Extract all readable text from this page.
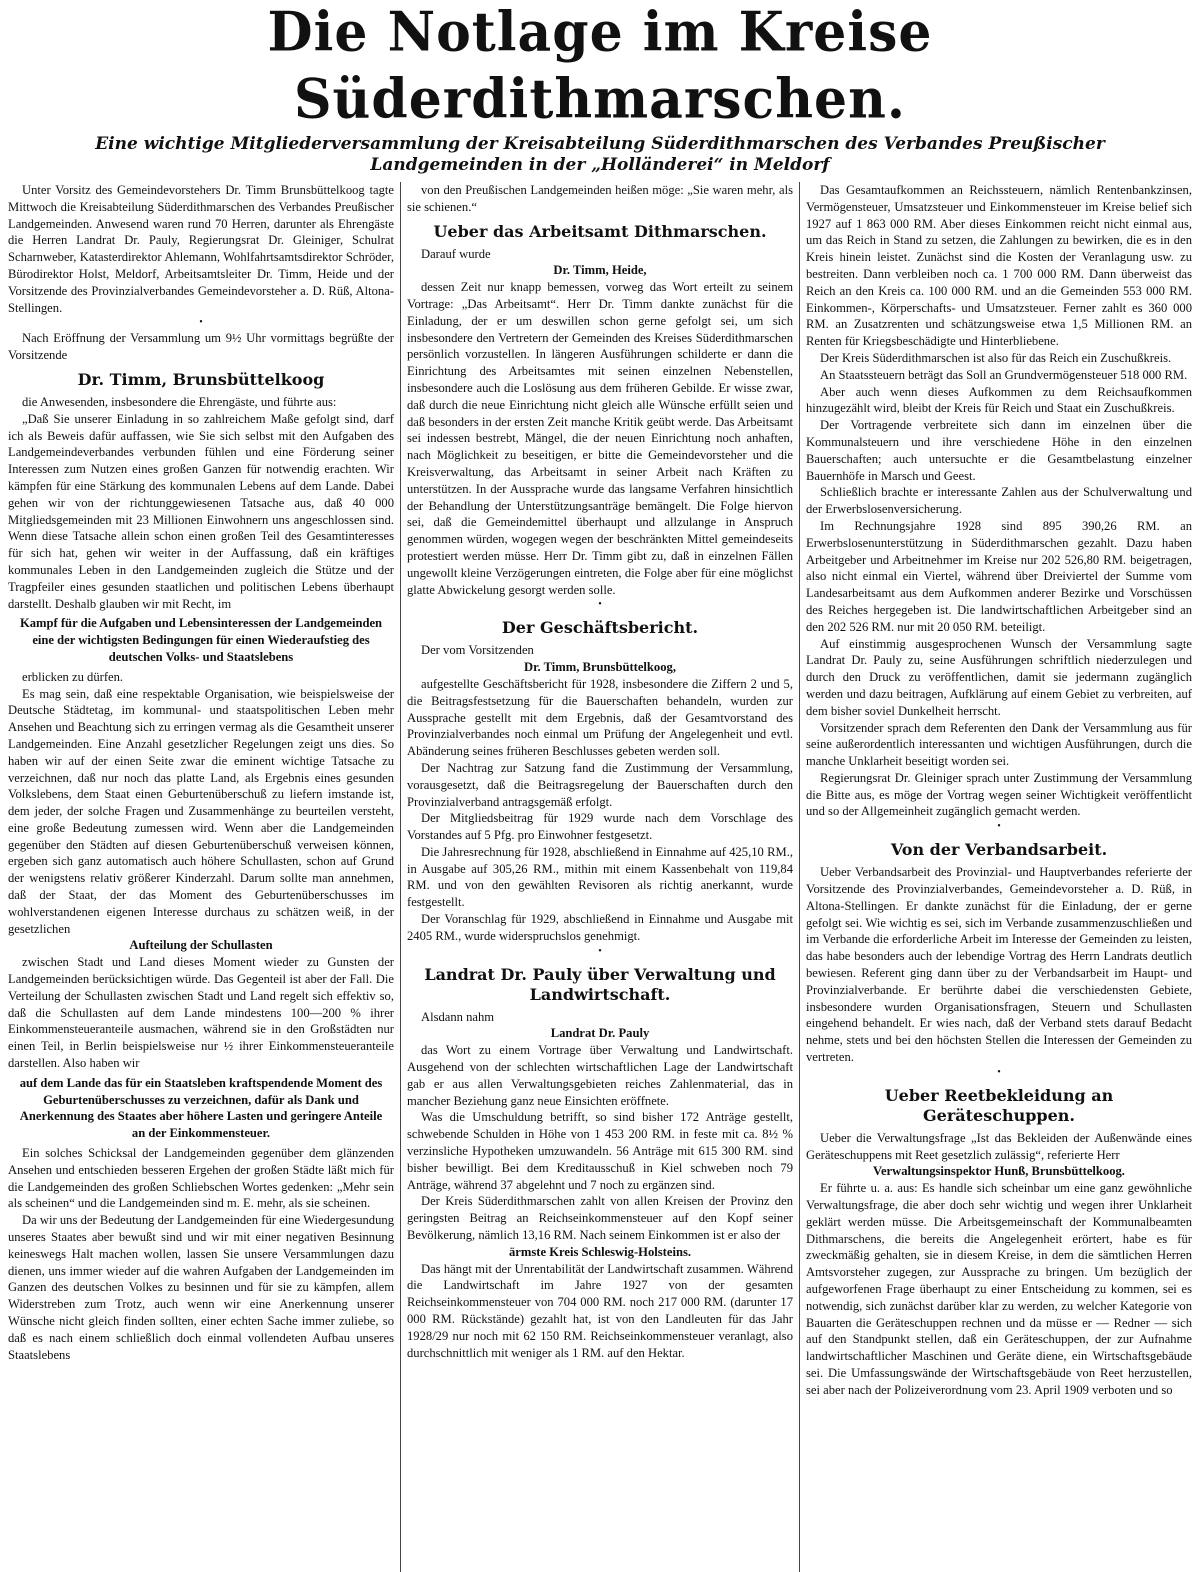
Die Notlage im Kreise Süderdithmarschen.
Eine wichtige Mitgliederversammlung der Kreisabteilung Süderdithmarschen des Verbandes Preußischer Landgemeinden in der „Holländerei“ in Meldorf

Unter Vorsitz des Gemeindevorstehers Dr. Timm Brunsbüttelkoog tagte Mittwoch die Kreisabteilung Süderdithmarschen des Verbandes Preußischer Landgemeinden. Anwesend waren rund 70 Herren, darunter als Ehrengäste die Herren Landrat Dr. Pauly, Regierungsrat Dr. Gleiniger, Schulrat Scharnweber, Katasterdirektor Ahlemann, Wohlfahrtsamtsdirektor Schröder, Bürodirektor Holst, Meldorf, Arbeitsamtsleiter Dr. Timm, Heide und der Vorsitzende des Provinzialverbandes Gemeindevorsteher a. D. Rüß, Altona-Stellingen.

•

Nach Eröffnung der Versammlung um 9½ Uhr vormittags begrüßte der Vorsitzende

Dr. Timm, Brunsbüttelkoog

die Anwesenden, insbesondere die Ehrengäste, und führte aus:

„Daß Sie unserer Einladung in so zahlreichem Maße gefolgt sind, darf ich als Beweis dafür auffassen, wie Sie sich selbst mit den Aufgaben des Landgemeindeverbandes verbunden fühlen und eine Förderung seiner Interessen zum Nutzen eines großen Ganzen für notwendig erachten. Wir kämpfen für eine Stärkung des kommunalen Lebens auf dem Lande. Dabei gehen wir von der richtunggewiesenen Tatsache aus, daß 40 000 Mitgliedsgemeinden mit 23 Millionen Einwohnern uns angeschlossen sind. Wenn diese Tatsache allein schon einen großen Teil des Gesamtinteresses für sich hat, gehen wir weiter in der Auffassung, daß ein kräftiges kommunales Leben in den Landgemeinden zugleich die Stütze und der Tragpfeiler eines gesunden staatlichen und politischen Lebens überhaupt darstellt. Deshalb glauben wir mit Recht, im

Kampf für die Aufgaben und Lebensinteressen der Landgemeinden eine der wichtigsten Bedingungen für einen Wiederaufstieg des deutschen Volks- und Staatslebens

erblicken zu dürfen.

Es mag sein, daß eine respektable Organisation, wie beispielsweise der Deutsche Städtetag, im kommunal- und staatspolitischen Leben mehr Ansehen und Beachtung sich zu erringen vermag als die Gesamtheit unserer Landgemeinden. Eine Anzahl gesetzlicher Regelungen zeigt uns dies. So haben wir auf der einen Seite zwar die eminent wichtige Tatsache zu verzeichnen, daß nur noch das platte Land, als Ergebnis eines gesunden Volkslebens, dem Staat einen Geburtenüberschuß zu liefern imstande ist, dem jeder, der solche Fragen und Zusammenhänge zu beurteilen versteht, eine große Bedeutung zumessen wird. Wenn aber die Landgemeinden gegenüber den Städten auf diesen Geburtenüberschuß verweisen können, ergeben sich ganz automatisch auch höhere Schullasten, schon auf Grund der wenigstens relativ größerer Kinderzahl. Darum sollte man annehmen, daß der Staat, der das Moment des Geburtenüberschusses im wohlverstandenen eigenen Interesse durchaus zu schätzen weiß, in der gesetzlichen

Aufteilung der Schullasten

zwischen Stadt und Land dieses Moment wieder zu Gunsten der Landgemeinden berücksichtigen würde. Das Gegenteil ist aber der Fall. Die Verteilung der Schullasten zwischen Stadt und Land regelt sich effektiv so, daß die Schullasten auf dem Lande mindestens 100—200 % ihrer Einkommensteueranteile ausmachen, während sie in den Großstädten nur einen Teil, in Berlin beispielsweise nur ½ ihrer Einkommensteueranteile darstellen. Also haben wir

auf dem Lande das für ein Staatsleben kraftspendende Moment des Geburtenüberschusses zu verzeichnen, dafür als Dank und Anerkennung des Staates aber höhere Lasten und geringere Anteile an der Einkommensteuer.

Ein solches Schicksal der Landgemeinden gegenüber dem glänzenden Ansehen und entschieden besseren Ergehen der großen Städte läßt mich für die Landgemeinden des großen Schliebschen Wortes gedenken: „Mehr sein als scheinen“ und die Landgemeinden sind m. E. mehr, als sie scheinen.

Da wir uns der Bedeutung der Landgemeinden für eine Wiedergesundung unseres Staates aber bewußt sind und wir mit einer negativen Besinnung keineswegs Halt machen wollen, lassen Sie unsere Versammlungen dazu dienen, uns immer wieder auf die wahren Aufgaben der Landgemeinden im Ganzen des deutschen Volkes zu besinnen und für sie zu kämpfen, allem Widerstreben zum Trotz, auch wenn wir eine Anerkennung unserer Wünsche nicht gleich finden sollten, einer echten Sache immer zuliebe, so daß es nach einem schließlich doch einmal vollendeten Aufbau unseres Staatslebens

von den Preußischen Landgemeinden heißen möge: „Sie waren mehr, als sie schienen.“

Ueber das Arbeitsamt Dithmarschen.

Darauf wurde

Dr. Timm, Heide,

dessen Zeit nur knapp bemessen, vorweg das Wort erteilt zu seinem Vortrage: „Das Arbeitsamt“. Herr Dr. Timm dankte zunächst für die Einladung, der er um deswillen schon gerne gefolgt sei, um sich insbesondere den Vertretern der Gemeinden des Kreises Süderdithmarschen persönlich vorzustellen. In längeren Ausführungen schilderte er dann die Einrichtung des Arbeitsamtes mit seinen einzelnen Nebenstellen, insbesondere auch die Loslösung aus dem früheren Gebilde. Er wisse zwar, daß durch die neue Einrichtung nicht gleich alle Wünsche erfüllt seien und daß besonders in der ersten Zeit manche Kritik geübt werde. Das Arbeitsamt sei indessen bestrebt, Mängel, die der neuen Einrichtung noch anhaften, nach Möglichkeit zu beseitigen, er bitte die Gemeindevorsteher und die Kreisverwaltung, das Arbeitsamt in seiner Arbeit nach Kräften zu unterstützen. In der Aussprache wurde das langsame Verfahren hinsichtlich der Behandlung der Unterstützungsanträge bemängelt. Die Folge hiervon sei, daß die Gemeindemittel überhaupt und allzulange in Anspruch genommen würden, wogegen wegen der beschränkten Mittel gemeindeseits protestiert werden müsse. Herr Dr. Timm gibt zu, daß in einzelnen Fällen ungewollt kleine Verzögerungen eintreten, die Folge aber für eine möglichst glatte Abwickelung gesorgt werden solle.

•

Der Geschäftsbericht.

Der vom Vorsitzenden

Dr. Timm, Brunsbüttelkoog,

aufgestellte Geschäftsbericht für 1928, insbesondere die Ziffern 2 und 5, die Beitragsfestsetzung für die Bauerschaften behandeln, wurden zur Aussprache gestellt mit dem Ergebnis, daß der Gesamtvorstand des Provinzialverbandes noch einmal um Prüfung der Angelegenheit und evtl. Abänderung seines früheren Beschlusses gebeten werden soll.

Der Nachtrag zur Satzung fand die Zustimmung der Versammlung, vorausgesetzt, daß die Beitragsregelung der Bauerschaften durch den Provinzialverband antragsgemäß erfolgt.

Der Mitgliedsbeitrag für 1929 wurde nach dem Vorschlage des Vorstandes auf 5 Pfg. pro Einwohner festgesetzt.

Die Jahresrechnung für 1928, abschließend in Einnahme auf 425,10 RM., in Ausgabe auf 305,26 RM., mithin mit einem Kassenbehalt von 119,84 RM. und von den gewählten Revisoren als richtig anerkannt, wurde festgestellt.

Der Voranschlag für 1929, abschließend in Einnahme und Ausgabe mit 2405 RM., wurde widerspruchslos genehmigt.

•

Landrat Dr. Pauly über Verwaltung und Landwirtschaft.

Alsdann nahm

Landrat Dr. Pauly

das Wort zu einem Vortrage über Verwaltung und Landwirtschaft. Ausgehend von der schlechten wirtschaftlichen Lage der Landwirtschaft gab er aus allen Verwaltungsgebieten reiches Zahlenmaterial, das in mancher Beziehung ganz neue Einsichten eröffnete.

Was die Umschuldung betrifft, so sind bisher 172 Anträge gestellt, schwebende Schulden in Höhe von 1 453 200 RM. in feste mit ca. 8½ % verzinsliche Hypotheken umzuwandeln. 56 Anträge mit 615 300 RM. sind bisher bewilligt. Bei dem Kreditausschuß in Kiel schweben noch 79 Anträge, während 37 abgelehnt und 7 noch zu ergänzen sind.

Der Kreis Süderdithmarschen zahlt von allen Kreisen der Provinz den geringsten Beitrag an Reichseinkommensteuer auf den Kopf seiner Bevölkerung, nämlich 13,16 RM. Nach seinem Einkommen ist er also der

ärmste Kreis Schleswig-Holsteins.

Das hängt mit der Unrentabilität der Landwirtschaft zusammen. Während die Landwirtschaft im Jahre 1927 von der gesamten Reichseinkommensteuer von 704 000 RM. noch 217 000 RM. (darunter 17 000 RM. Rückstände) gezahlt hat, ist von den Landleuten für das Jahr 1928/29 nur noch mit 62 150 RM. Reichseinkommensteuer veranlagt, also durchschnittlich mit weniger als 1 RM. auf den Hektar.

Das Gesamtaufkommen an Reichssteuern, nämlich Rentenbankzinsen, Vermögensteuer, Umsatzsteuer und Einkommensteuer im Kreise belief sich 1927 auf 1 863 000 RM. Aber dieses Einkommen reicht nicht einmal aus, um das Reich in Stand zu setzen, die Zahlungen zu bewirken, die es in den Kreis hinein leistet. Zunächst sind die Kosten der Veranlagung usw. zu bestreiten. Dann verbleiben noch ca. 1 700 000 RM. Dann überweist das Reich an den Kreis ca. 100 000 RM. und an die Gemeinden 553 000 RM. Einkommen-, Körperschafts- und Umsatzsteuer. Ferner zahlt es 360 000 RM. an Zusatzrenten und schätzungsweise etwa 1,5 Millionen RM. an Renten für Kriegsbeschädigte und Hinterbliebene.

Der Kreis Süderdithmarschen ist also für das Reich ein Zuschußkreis.

An Staatssteuern beträgt das Soll an Grundvermögensteuer 518 000 RM.

Aber auch wenn dieses Aufkommen zu dem Reichsaufkommen hinzugezählt wird, bleibt der Kreis für Reich und Staat ein Zuschußkreis.

Der Vortragende verbreitete sich dann im einzelnen über die Kommunalsteuern und ihre verschiedene Höhe in den einzelnen Bauerschaften; auch untersuchte er die Gesamtbelastung einzelner Bauernhöfe in Marsch und Geest.

Schließlich brachte er interessante Zahlen aus der Schulverwaltung und der Erwerbslosenversicherung.

Im Rechnungsjahre 1928 sind 895 390,26 RM. an Erwerbslosenunterstützung in Süderdithmarschen gezahlt. Dazu haben Arbeitgeber und Arbeitnehmer im Kreise nur 202 526,80 RM. beigetragen, also nicht einmal ein Viertel, während über Dreiviertel der Summe vom Landesarbeitsamt aus dem Aufkommen anderer Bezirke und Vorschüssen des Reiches hergegeben ist. Die landwirtschaftlichen Arbeitgeber sind an den 202 526 RM. nur mit 20 050 RM. beteiligt.

Auf einstimmig ausgesprochenen Wunsch der Versammlung sagte Landrat Dr. Pauly zu, seine Ausführungen schriftlich niederzulegen und durch den Druck zu veröffentlichen, damit sie jedermann zugänglich werden und dazu beitragen, Aufklärung auf einem Gebiet zu verbreiten, auf dem bisher soviel Dunkelheit herrscht.

Vorsitzender sprach dem Referenten den Dank der Versammlung aus für seine außerordentlich interessanten und wichtigen Ausführungen, durch die manche Unklarheit beseitigt worden sei.

Regierungsrat Dr. Gleiniger sprach unter Zustimmung der Versammlung die Bitte aus, es möge der Vortrag wegen seiner Wichtigkeit veröffentlicht und so der Allgemeinheit zugänglich gemacht werden.

•

Von der Verbandsarbeit.

Ueber Verbandsarbeit des Provinzial- und Hauptverbandes referierte der Vorsitzende des Provinzialverbandes, Gemeindevorsteher a. D. Rüß, in Altona-Stellingen. Er dankte zunächst für die Einladung, der er gerne gefolgt sei. Wie wichtig es sei, sich im Verbande zusammenzuschließen und im Verbande die erforderliche Arbeit im Interesse der Gemeinden zu leisten, das habe besonders auch der lebendige Vortrag des Herrn Landrats deutlich bewiesen. Referent ging dann über zu der Verbandsarbeit im Haupt- und Provinzialverbande. Er berührte dabei die verschiedensten Gebiete, insbesondere wurden Organisationsfragen, Steuern und Schullasten eingehend behandelt. Er wies nach, daß der Verband stets darauf Bedacht nehme, stets und bei den höchsten Stellen die Interessen der Gemeinden zu vertreten.

•

Ueber Reetbekleidung an Geräteschuppen.

Ueber die Verwaltungsfrage „Ist das Bekleiden der Außenwände eines Geräteschuppens mit Reet gesetzlich zulässig“, referierte Herr

Verwaltungsinspektor Hunß, Brunsbüttelkoog.

Er führte u. a. aus: Es handle sich scheinbar um eine ganz gewöhnliche Verwaltungsfrage, die aber doch sehr wichtig und wegen ihrer Unklarheit geklärt werden müsse. Die Arbeitsgemeinschaft der Kommunalbeamten Dithmarschens, die bereits die Angelegenheit erörtert, habe es für zweckmäßig gehalten, sie in diesem Kreise, in dem die sämtlichen Herren Amtsvorsteher zugegen, zur Aussprache zu bringen. Um bezüglich der aufgeworfenen Frage überhaupt zu einer Entscheidung zu kommen, sei es notwendig, sich zunächst darüber klar zu werden, zu welcher Kategorie von Bauarten die Geräteschuppen rechnen und da müsse er — Redner — sich auf den Standpunkt stellen, daß ein Geräteschuppen, der zur Aufnahme landwirtschaftlicher Maschinen und Geräte diene, ein Wirtschaftsgebäude sei. Die Umfassungswände der Wirtschaftsgebäude von Reet herzustellen, sei aber nach der Polizeiverordnung vom 23. April 1909 verboten und so
